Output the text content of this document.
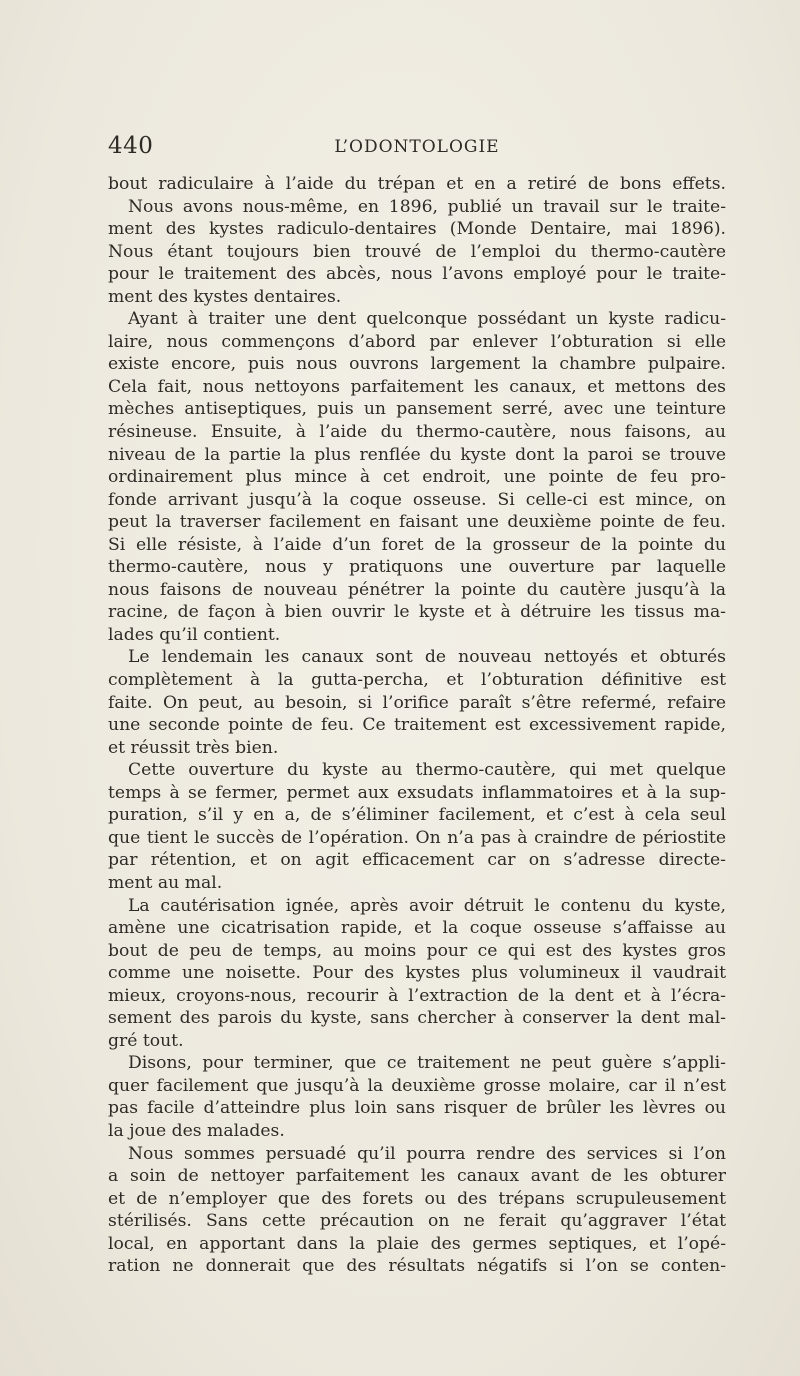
440	L’ODONTOLOGIE
bout radiculaire à l’aide du trépan et en a retiré de bons effets.
Nous avons nous-même, en 1896, publié un travail sur le traite-
ment des kystes radiculo-dentaires (Monde Dentaire, mai 1896).
Nous étant toujours bien trouvé de l’emploi du thermo-cautère
pour le traitement des abcès, nous l’avons employé pour le traite-
ment des kystes dentaires.
Ayant à traiter une dent quelconque possédant un kyste radicu-
laire, nous commençons d’abord par enlever l’obturation si elle
existe encore, puis nous ouvrons largement la chambre pulpaire.
Cela fait, nous nettoyons parfaitement les canaux, et mettons des
mèches antiseptiques, puis un pansement serré, avec une teinture
résineuse. Ensuite, à l’aide du thermo-cautère, nous faisons, au
niveau de la partie la plus renflée du kyste dont la paroi se trouve
ordinairement plus mince à cet endroit, une pointe de feu pro-
fonde arrivant jusqu’à la coque osseuse. Si celle-ci est mince, on
peut la traverser facilement en faisant une deuxième pointe de feu.
Si elle résiste, à l’aide d’un foret de la grosseur de la pointe du
thermo-cautère, nous y pratiquons une ouverture par laquelle
nous faisons de nouveau pénétrer la pointe du cautère jusqu’à la
racine, de façon à bien ouvrir le kyste et à détruire les tissus ma-
lades qu’il contient.
Le lendemain les canaux sont de nouveau nettoyés et obturés
complètement à la gutta-percha, et l’obturation définitive est
faite. On peut, au besoin, si l’orifice paraît s’être refermé, refaire
une seconde pointe de feu. Ce traitement est excessivement rapide,
et réussit très bien.
Cette ouverture du kyste au thermo-cautère, qui met quelque
temps à se fermer, permet aux exsudats inflammatoires et à la sup-
puration, s’il y en a, de s’éliminer facilement, et c’est à cela seul
que tient le succès de l’opération. On n’a pas à craindre de périostite
par rétention, et on agit efficacement car on s’adresse directe-
ment au mal.
La cautérisation ignée, après avoir détruit le contenu du kyste,
amène une cicatrisation rapide, et la coque osseuse s’affaisse au
bout de peu de temps, au moins pour ce qui est des kystes gros
comme une noisette. Pour des kystes plus volumineux il vaudrait
mieux, croyons-nous, recourir à l’extraction de la dent et à l’écra-
sement des parois du kyste, sans chercher à conserver la dent mal-
gré tout.
Disons, pour terminer, que ce traitement ne peut guère s’appli-
quer facilement que jusqu’à la deuxième grosse molaire, car il n’est
pas facile d’atteindre plus loin sans risquer de brûler les lèvres ou
la joue des malades.
Nous sommes persuadé qu’il pourra rendre des services si l’on
a soin de nettoyer parfaitement les canaux avant de les obturer
et de n’employer que des forets ou des trépans scrupuleusement
stérilisés. Sans cette précaution on ne ferait qu’aggraver l’état
local, en apportant dans la plaie des germes septiques, et l’opé-
ration ne donnerait que des résultats négatifs si l’on se conten-
